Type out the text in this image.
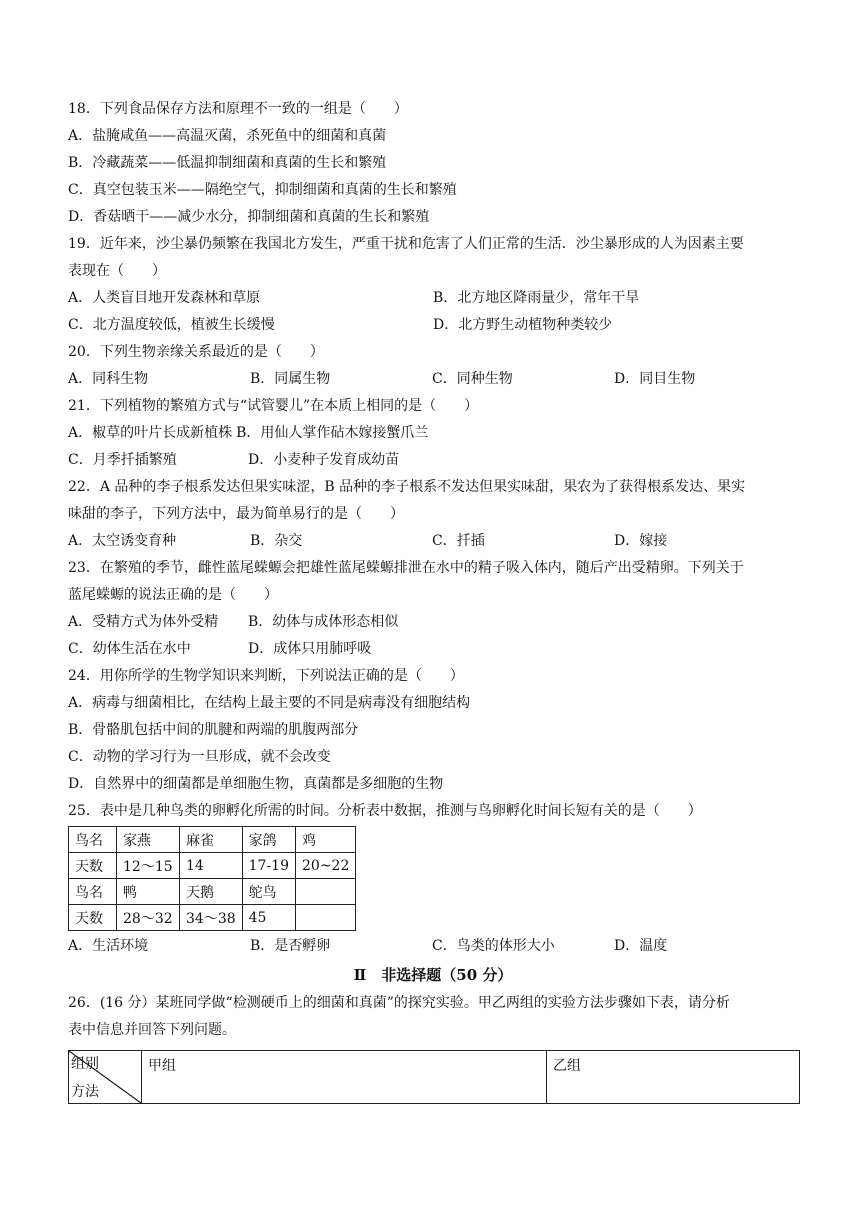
18．下列食品保存方法和原理不一致的一组是（　　）
A．盐腌咸鱼——高温灭菌，杀死鱼中的细菌和真菌
B．冷藏蔬菜——低温抑制细菌和真菌的生长和繁殖
C．真空包装玉米——隔绝空气，抑制细菌和真菌的生长和繁殖
D．香菇晒干——减少水分，抑制细菌和真菌的生长和繁殖
19．近年来，沙尘暴仍频繁在我国北方发生，严重干扰和危害了人们正常的生活．沙尘暴形成的人为因素主要
表现在（　　）
A．人类盲目地开发森林和草原	B．北方地区降雨量少，常年干旱
C．北方温度较低，植被生长缓慢	D．北方野生动植物种类较少
20．下列生物亲缘关系最近的是（　　）
A．同科生物	B．同属生物	C．同种生物	D．同目生物
21．下列植物的繁殖方式与“试管婴儿”在本质上相同的是（　　）
A．椒草的叶片长成新植株 B．用仙人掌作砧木嫁接蟹爪兰
C．月季扦插繁殖	D．小麦种子发育成幼苗
22．A 品种的李子根系发达但果实味涩，B 品种的李子根系不发达但果实味甜，果农为了获得根系发达、果实
味甜的李子，下列方法中，最为简单易行的是（　　）
A．太空诱变育种	B．杂交	C．扦插	D．嫁接
23．在繁殖的季节，雌性蓝尾蝾螈会把雄性蓝尾蝾螈排泄在水中的精子吸入体内，随后产出受精卵。下列关于
蓝尾蝾螈的说法正确的是（　　）
A．受精方式为体外受精 B．幼体与成体形态相似
C．幼体生活在水中	D．成体只用肺呼吸
24．用你所学的生物学知识来判断，下列说法正确的是（　　）
A．病毒与细菌相比，在结构上最主要的不同是病毒没有细胞结构
B．骨骼肌包括中间的肌腱和两端的肌腹两部分
C．动物的学习行为一旦形成，就不会改变
D．自然界中的细菌都是单细胞生物，真菌都是多细胞的生物
25．表中是几种鸟类的卵孵化所需的时间。分析表中数据，推测与鸟卵孵化时间长短有关的是（　　）
鸟名	家燕	麻雀	家鸽	鸡
天数	12～15	14	17-19	20~22
鸟名	鸭	天鹅	鸵鸟	
天数	28～32	34～38	45	
A．生活环境	B．是否孵卵	C．鸟类的体形大小	D．温度
Ⅱ　非选择题（50 分）
26．(16 分）某班同学做“检测硬币上的细菌和真菌”的探究实验。甲乙两组的实验方法步骤如下表，请分析
表中信息并回答下列问题。
组别
方法
	甲组	乙组
